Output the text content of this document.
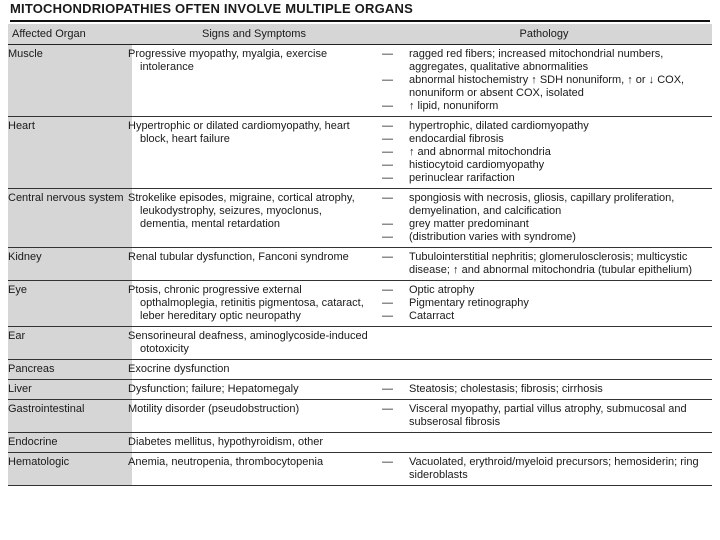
MITOCHONDRIOPATHIES OFTEN INVOLVE MULTIPLE ORGANS
Affected Organ	Signs and Symptoms	Pathology
Muscle	Progressive myopathy, myalgia, exercise intolerance	— ragged red fibers; increased mitochondrial numbers, aggregates, qualitative abnormalities
— abnormal histochemistry ↑ SDH nonuniform, ↑ or ↓ COX, nonuniform or absent COX, isolated
— ↑ lipid, nonuniform

Heart	Hypertrophic or dilated cardiomyopathy, heart block, heart failure	— hypertrophic, dilated cardiomyopathy
— endocardial fibrosis
— ↑ and abnormal mitochondria
— histiocytoid cardiomyopathy
— perinuclear rarifaction

Central nervous system	Strokelike episodes, migraine, cortical atrophy, leukodystrophy, seizures, myoclonus, dementia, mental retardation	— spongiosis with necrosis, gliosis, capillary proliferation, demyelination, and calcification
— grey matter predominant
— (distribution varies with syndrome)

Kidney	Renal tubular dysfunction, Fanconi syndrome	— Tubulointerstitial nephritis; glomerulosclerosis; multicystic
disease; ↑ and abnormal mitochondria (tubular epithelium)

Eye	Ptosis, chronic progressive external opthalmoplegia, retinitis pigmentosa, cataract, leber hereditary optic neuropathy	— Optic atrophy
— Pigmentary retinography
— Catarract

Ear	Sensorineural deafness, aminoglycoside-induced ototoxicity	
Pancreas	Exocrine dysfunction	
Liver	Dysfunction; failure; Hepatomegaly	— Steatosis; cholestasis; fibrosis; cirrhosis

Gastrointestinal	Motility disorder (pseudobstruction)	— Visceral myopathy, partial villus atrophy, submucosal and subserosal fibrosis

Endocrine	Diabetes mellitus, hypothyroidism, other	
Hematologic	Anemia, neutropenia, thrombocytopenia	— Vacuolated, erythroid/myeloid precursors; hemosiderin; ring sideroblasts
